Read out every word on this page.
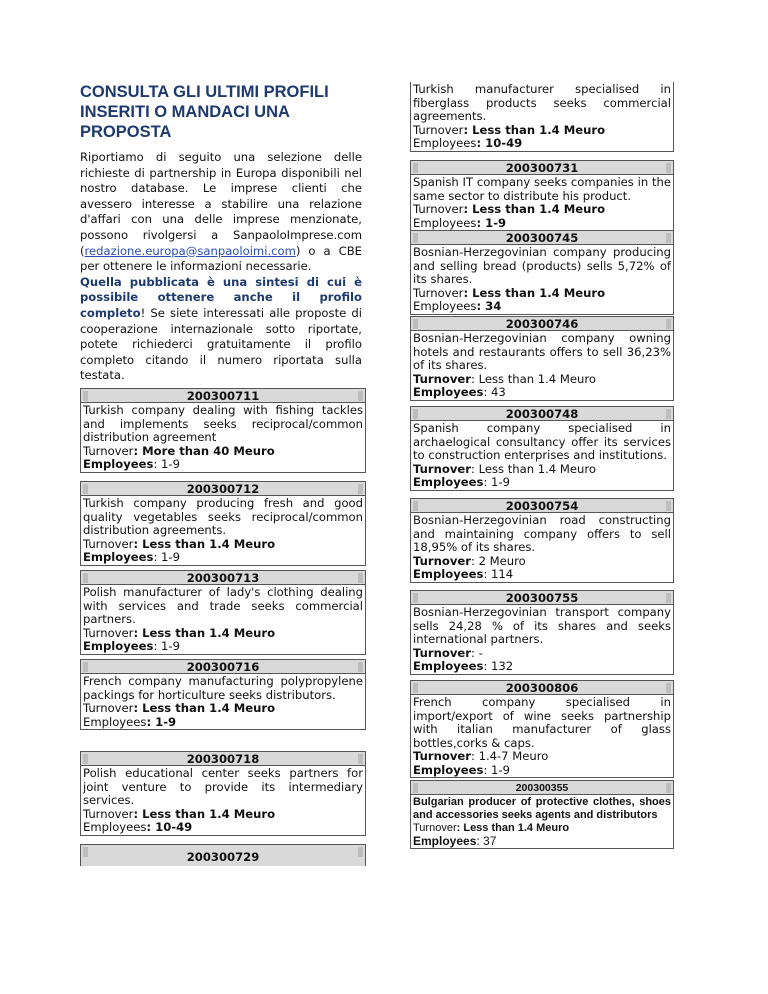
CONSULTA GLI ULTIMI PROFILI INSERITI O MANDACI UNA PROPOSTA

Riportiamo di seguito una selezione delle richieste di partnership in Europa disponibili nel nostro database. Le imprese clienti che avessero interesse a stabilire una relazione d'affari con una delle imprese menzionate, possono rivolgersi a SanpaoloImprese.com (redazione.europa@sanpaoloimi.com) o a CBE per ottenere le informazioni necessarie.
Quella pubblicata è una sintesi di cui è possibile ottenere anche il profilo completo! Se siete interessati alle proposte di cooperazione internazionale sotto riportate, potete richiederci gratuitamente il profilo completo citando il numero riportata sulla testata.

200300711
Turkish company dealing with fishing tackles and implements seeks reciprocal/common distribution agreement
Turnover: More than 40 Meuro
Employees: 1-9
200300712
Turkish company producing fresh and good quality vegetables seeks reciprocal/common distribution agreements.
Turnover: Less than 1.4 Meuro
Employees: 1-9
200300713
Polish manufacturer of lady's clothing dealing with services and trade seeks commercial partners.
Turnover: Less than 1.4 Meuro
Employees: 1-9
200300716
French company manufacturing polypropylene packings for horticulture seeks distributors.
Turnover: Less than 1.4 Meuro
Employees: 1-9
200300718
Polish educational center seeks partners for joint venture to provide its intermediary services.
Turnover: Less than 1.4 Meuro
Employees: 10-49
200300729
Turkish manufacturer specialised in fiberglass products seeks commercial agreements.
Turnover: Less than 1.4 Meuro
Employees: 10-49
200300731
Spanish IT company seeks companies in the same sector to distribute his product.
Turnover: Less than 1.4 Meuro
Employees: 1-9
200300745
Bosnian-Herzegovinian company producing and selling bread (products) sells 5,72% of its shares.
Turnover: Less than 1.4 Meuro
Employees: 34
200300746
Bosnian-Herzegovinian company owning hotels and restaurants offers to sell 36,23% of its shares.
Turnover: Less than 1.4 Meuro
Employees: 43
200300748
Spanish company specialised in archaelogical consultancy offer its services to construction enterprises and institutions.
Turnover: Less than 1.4 Meuro
Employees: 1-9
200300754
Bosnian-Herzegovinian road constructing and maintaining company offers to sell 18,95% of its shares.
Turnover: 2 Meuro
Employees: 114
200300755
Bosnian-Herzegovinian transport company sells 24,28 % of its shares and seeks international partners.
Turnover: -
Employees: 132
200300806
French company specialised in import/export of wine seeks partnership with italian manufacturer of glass bottles,corks & caps.
Turnover: 1.4-7 Meuro
Employees: 1-9
200300355
Bulgarian producer of protective clothes, shoes and accessories seeks agents and distributors
Turnover: Less than 1.4 Meuro
Employees: 37
